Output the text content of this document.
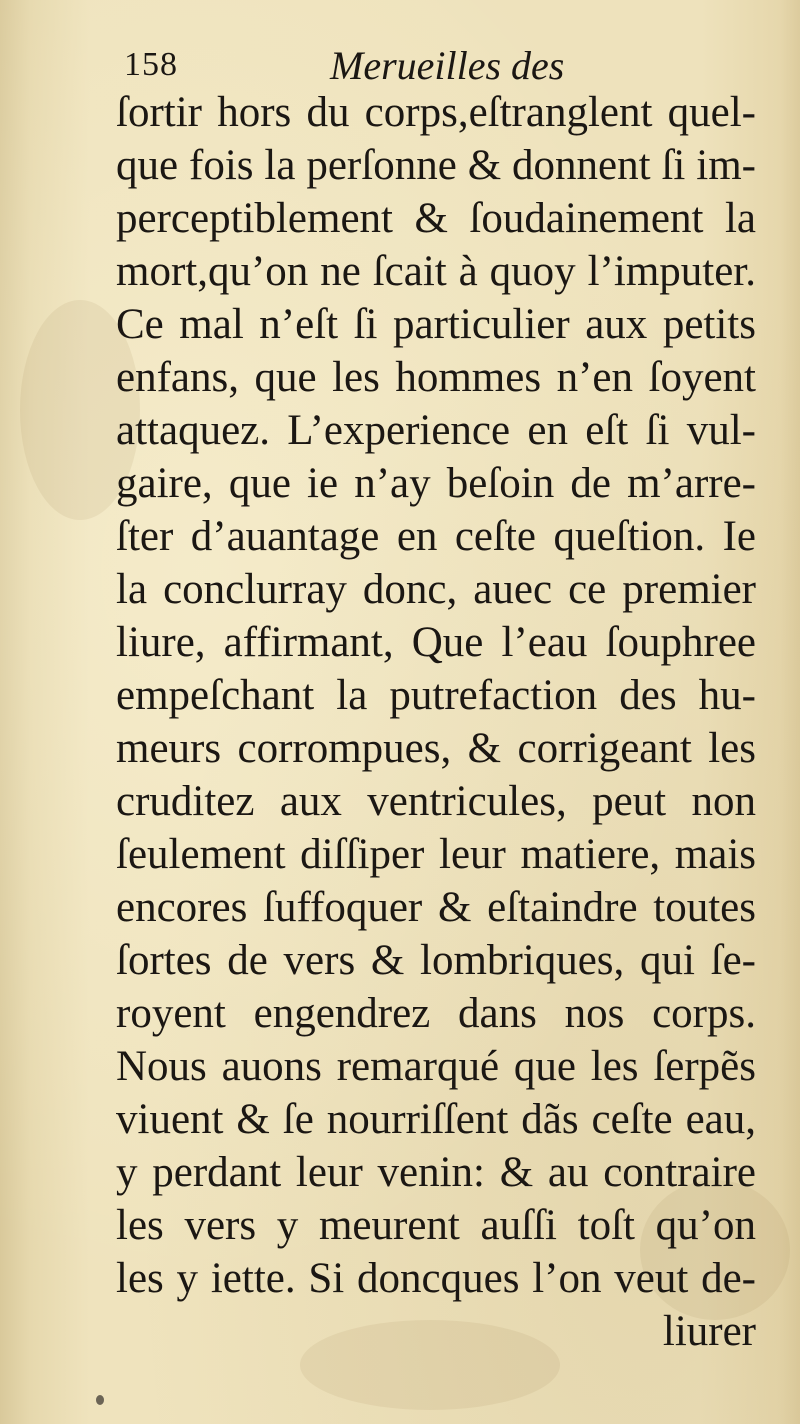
158	Merueilles des
ſortir hors du corps,eſtranglent quel-
que fois la perſonne & donnent ſi im-
perceptiblement & ſoudainement la
mort,qu’on ne ſcait à quoy l’imputer.
Ce mal n’eſt ſi particulier aux petits
enfans, que les hommes n’en ſoyent
attaquez. L’experience en eſt ſi vul-
gaire, que ie n’ay beſoin de m’arre-
ſter d’auantage en ceſte queſtion. Ie
la conclurray donc, auec ce premier
liure, affirmant, Que l’eau ſouphree
empeſchant la putrefaction des hu-
meurs corrompues, & corrigeant les
cruditez aux ventricules, peut non
ſeulement diſſiper leur matiere, mais
encores ſuffoquer & eſtaindre toutes
ſortes de vers & lombriques, qui ſe-
royent engendrez dans nos corps.
Nous auons remarqué que les ſerpẽs
viuent & ſe nourriſſent dãs ceſte eau,
y perdant leur venin: & au contraire
les vers y meurent auſſi toſt qu’on
les y iette. Si doncques l’on veut de-
liurer
